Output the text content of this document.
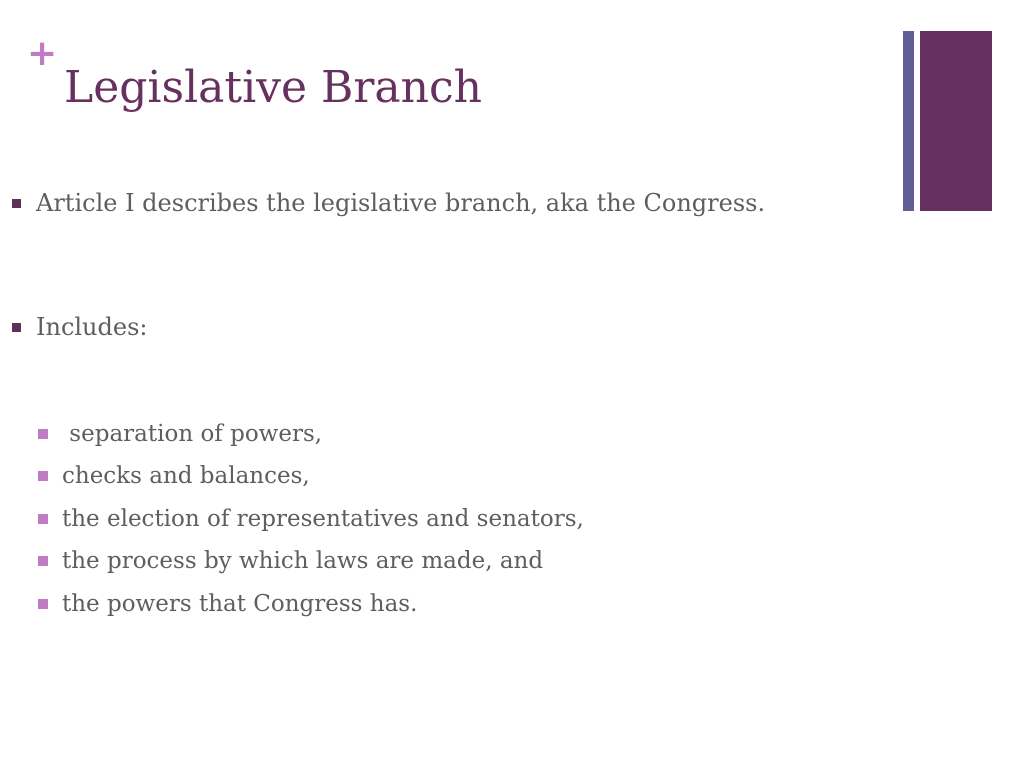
+
Legislative Branch
Article I describes the legislative branch, aka the Congress.
Includes:
separation of powers,
checks and balances,
the election of representatives and senators,
the process by which laws are made, and
the powers that Congress has.
